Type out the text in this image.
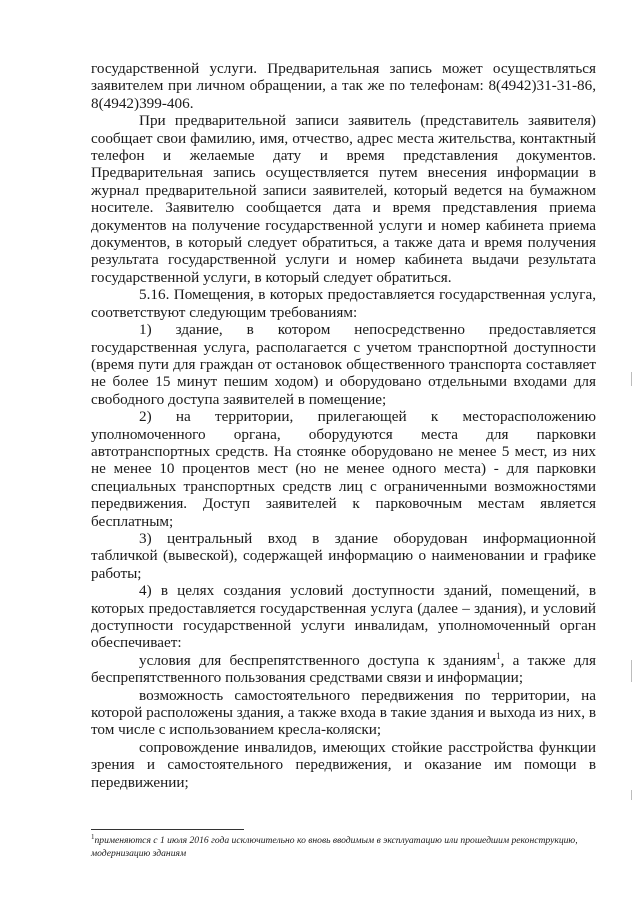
государственной услуги. Предварительная запись может осуществляться заявителем при личном обращении, а так же по телефонам: 8(4942)31-31-86, 8(4942)399-406.

При предварительной записи заявитель (представитель заявителя) сообщает свои фамилию, имя, отчество, адрес места жительства, контактный телефон и желаемые дату и время представления документов. Предварительная запись осуществляется путем внесения информации в журнал предварительной записи заявителей, который ведется на бумажном носителе. Заявителю сообщается дата и время представления приема документов на получение государственной услуги и номер кабинета приема документов, в который следует обратиться, а также дата и время получения результата государственной услуги и номер кабинета выдачи результата государственной услуги, в который следует обратиться.

5.16. Помещения, в которых предоставляется государственная услуга, соответствуют следующим требованиям:

1) здание, в котором непосредственно предоставляется государственная услуга, располагается с учетом транспортной доступности (время пути для граждан от остановок общественного транспорта составляет не более 15 минут пешим ходом) и оборудовано отдельными входами для свободного доступа заявителей в помещение;

2) на территории, прилегающей к месторасположению уполномоченного органа, оборудуются места для парковки автотранспортных средств. На стоянке оборудовано не менее 5 мест, из них не менее 10 процентов мест (но не менее одного места) - для парковки специальных транспортных средств лиц с ограниченными возможностями передвижения. Доступ заявителей к парковочным местам является бесплатным;

3) центральный вход в здание оборудован информационной табличкой (вывеской), содержащей информацию о наименовании и графике работы;

4) в целях создания условий доступности зданий, помещений, в которых предоставляется государственная услуга (далее – здания), и условий доступности государственной услуги инвалидам, уполномоченный орган обеспечивает:

условия для беспрепятственного доступа к зданиям$^1$, а также для беспрепятственного пользования средствами связи и информации;

возможность самостоятельного передвижения по территории, на которой расположены здания, а также входа в такие здания и выхода из них, в том числе с использованием кресла-коляски;

сопровождение инвалидов, имеющих стойкие расстройства функции зрения и самостоятельного передвижения, и оказание им помощи в передвижении;

$^1$применяются с 1 июля 2016 года исключительно ко вновь вводимым в эксплуатацию или прошедшим реконструкцию, модернизацию зданиям
